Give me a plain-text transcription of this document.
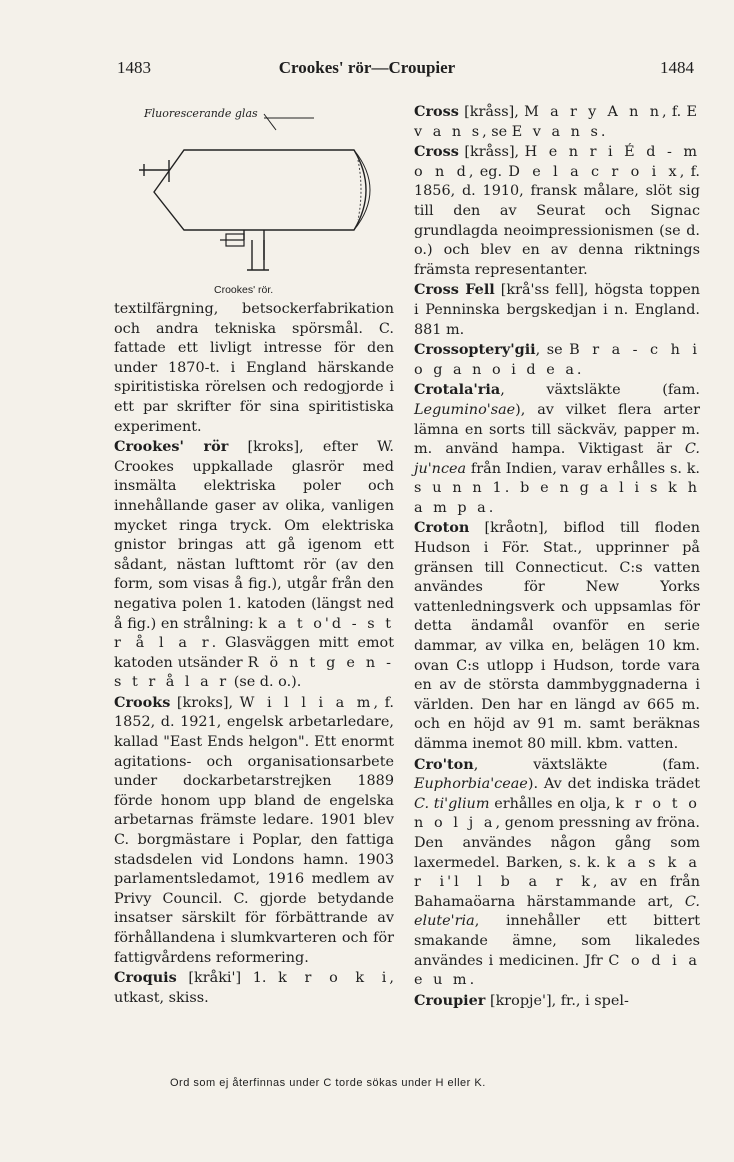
1483	Crookes' rör—Croupier	1484
Fluorescerande glas
Crookes' rör.

textilfärgning, betsockerfabrikation och andra tekniska spörsmål. C. fattade ett livligt intresse för den under 1870-t. i England härskande spiritistiska rörelsen och redogjorde i ett par skrifter för sina spiritistiska experiment.

Crookes' rör [kroks], efter W. Crookes uppkallade glasrör med insmälta elektriska poler och innehållande gaser av olika, vanligen mycket ringa tryck. Om elektriska gnistor bringas att gå igenom ett sådant, nästan lufttomt rör (av den form, som visas å fig.), utgår från den negativa polen 1. katoden (längst ned å fig.) en strålning: k a t o'd - s t r å l a r. Glasväggen mitt emot katoden utsänder R ö n t g e n - s t r å l a r (se d. o.).

Crooks [kroks], W i l l i a m, f. 1852, d. 1921, engelsk arbetarledare, kallad "East Ends helgon". Ett enormt agitations- och organisationsarbete under dockarbetarstrejken 1889 förde honom upp bland de engelska arbetarnas främste ledare. 1901 blev C. borgmästare i Poplar, den fattiga stadsdelen vid Londons hamn. 1903 parlamentsledamot, 1916 medlem av Privy Council. C. gjorde betydande insatser särskilt för förbättrande av förhållandena i slumkvarteren och för fattigvårdens reformering.

Croquis [kråki'] 1. k r o k i, utkast, skiss.

Cross [kråss], M a r y A n n, f. E v a n s, se E v a n s.

Cross [kråss], H e n r i É d - m o n d, eg. D e l a c r o i x, f. 1856, d. 1910, fransk målare, slöt sig till den av Seurat och Signac grundlagda neoimpressionismen (se d. o.) och blev en av denna riktnings främsta representanter.

Cross Fell [krå'ss fell], högsta toppen i Penninska bergskedjan i n. England. 881 m.

Crossoptery'gii, se B r a - c h i o g a n o i d e a.

Crotala'ria, växtsläkte (fam. Legumino'sae), av vilket flera arter lämna en sorts till säckväv, papper m. m. använd hampa. Viktigast är C. ju'ncea från Indien, varav erhålles s. k. s u n n 1. b e n g a l i s k h a m p a.

Croton [kråotn], biflod till floden Hudson i För. Stat., upprinner på gränsen till Connecticut. C:s vatten användes för New Yorks vattenledningsverk och uppsamlas för detta ändamål ovanför en serie dammar, av vilka en, belägen 10 km. ovan C:s utlopp i Hudson, torde vara en av de största dammbyggnaderna i världen. Den har en längd av 665 m. och en höjd av 91 m. samt beräknas dämma inemot 80 mill. kbm. vatten.

Cro'ton, växtsläkte (fam. Euphorbia'ceae). Av det indiska trädet C. ti'glium erhålles en olja, k r o t o n o l j a, genom pressning av fröna. Den användes någon gång som laxermedel. Barken, s. k. k a s k a r i'l l b a r k, av en från Bahamaöarna härstammande art, C. elute'ria, innehåller ett bittert smakande ämne, som likaledes användes i medicinen. Jfr C o d i a e u m.

Croupier [kropje'], fr., i spel-

Ord som ej återfinnas under C torde sökas under H eller K.
